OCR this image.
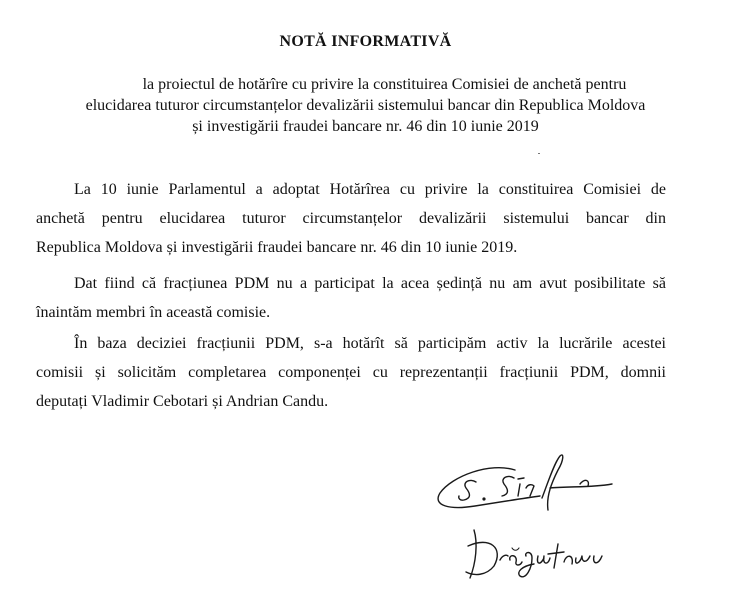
NOTĂ INFORMATIVĂ
la proiectul de hotărîre cu privire la constituirea Comisiei de anchetă pentru
elucidarea tuturor circumstanțelor devalizării sistemului bancar din Republica Moldova
și investigării fraudei bancare nr. 46 din 10 iunie 2019
La 10 iunie Parlamentul a adoptat Hotărîrea cu privire la constituirea Comisiei de
anchetă pentru elucidarea tuturor circumstanțelor devalizării sistemului bancar din
Republica Moldova și investigării fraudei bancare nr. 46 din 10 iunie 2019.
Dat fiind că fracțiunea PDM nu a participat la acea ședință nu am avut posibilitate să
înaintăm membri în această comisie.
În baza deciziei fracțiunii PDM, s-a hotărît să participăm activ la lucrările acestei
comisii și solicităm completarea componenței cu reprezentanții fracțiunii PDM, domnii
deputați Vladimir Cebotari și Andrian Candu.
